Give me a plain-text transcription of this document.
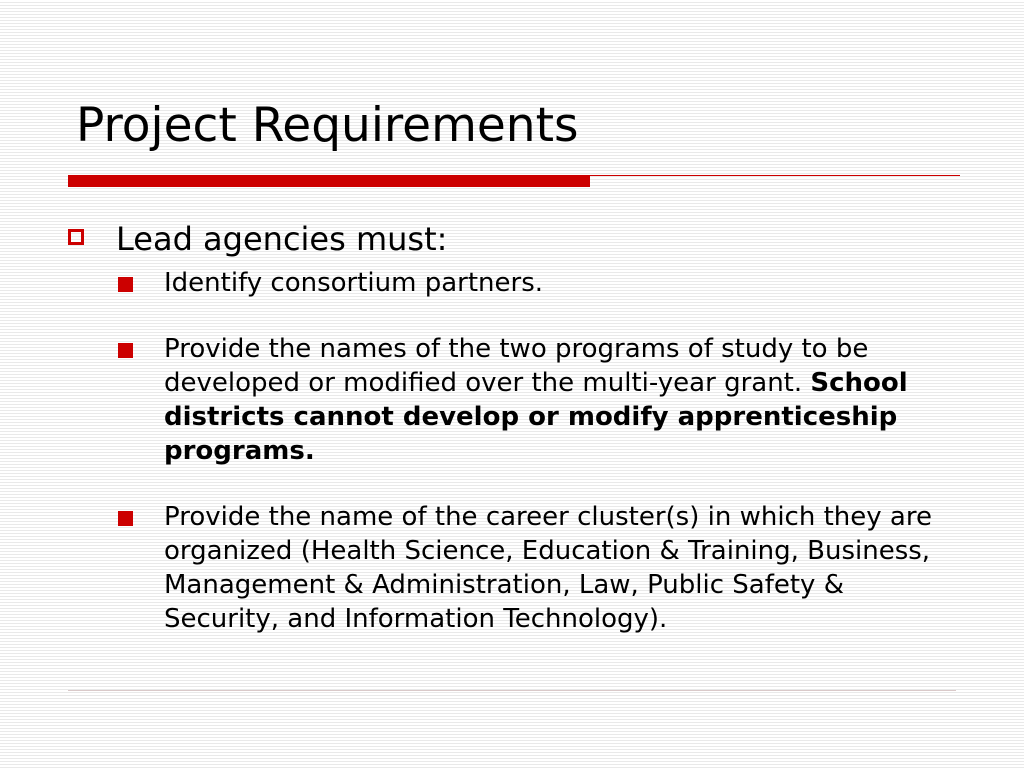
Project Requirements
Lead agencies must:
Identify consortium partners.
Provide the names of the two programs of study to be developed or modified over the multi-year grant. School districts cannot develop or modify apprenticeship programs.
Provide the name of the career cluster(s) in which they are organized (Health Science, Education & Training, Business, Management & Administration, Law, Public Safety & Security, and Information Technology).
